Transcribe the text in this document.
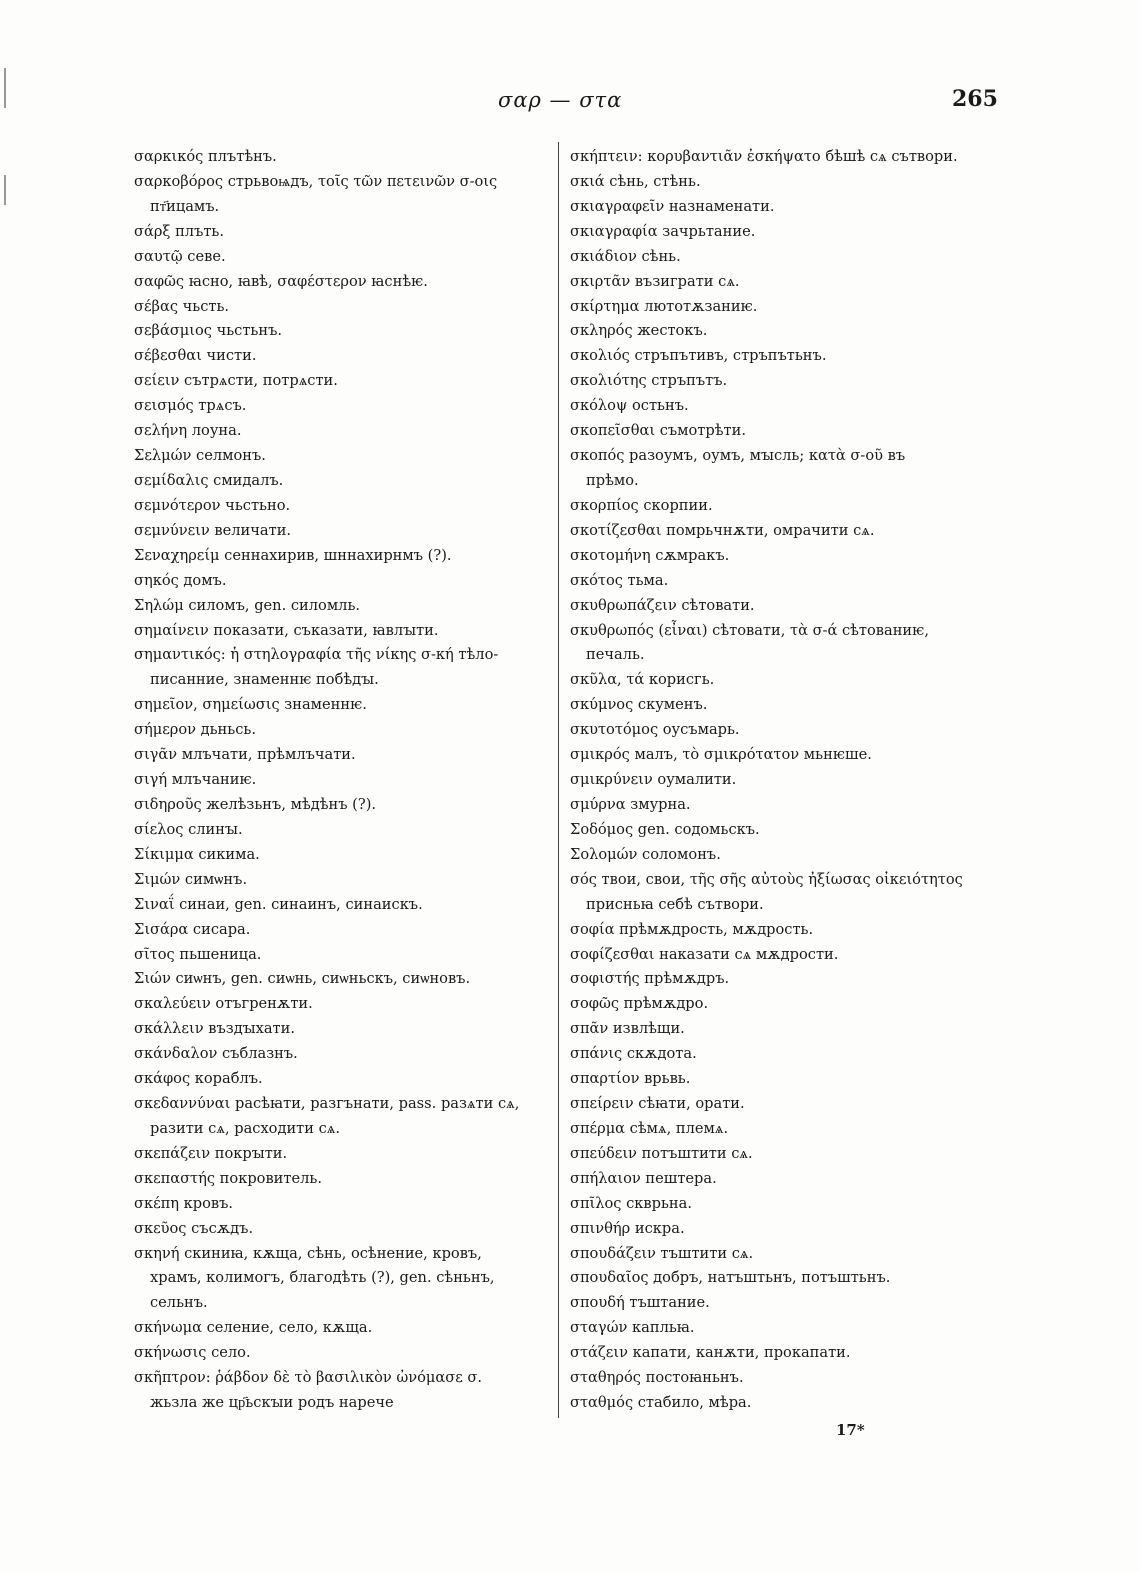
σαρ — στα	265
σαρκικός плътѣнъ.
σαρκοβόρος стрьвоѩдъ, τοῖς τῶν πετεινῶν σ-οις
пт҃ицамъ.
σάρξ плъть.
σαυτῷ севе.
σαφῶς ꙗсно, ꙗвѣ, σαφέστερον ꙗснѣѥ.
σέβας чьсть.
σεβάσμιος чьстьнъ.
σέβεσθαι чисти.
σείειν сътрѧсти, потрѧсти.
σεισμός трѧсъ.
σελήνη лоуна.
Σελμών селмонъ.
σεμίδαλις смидалъ.
σεμνότερον чьстьно.
σεμνύνειν величати.
Σεναχηρείμ сеннахирив, шннахирнмъ (?).
σηκός домъ.
Σηλώμ силомъ, gen. силомль.
σημαίνειν показати, съказати, ꙗвлꙑти.
σημαντικός: ἡ στηλογραφία τῆς νίκης σ-κή тѣло-
писанние, знаменнѥ побѣдꙑ.
σημεῖον, σημείωσις знаменнѥ.
σήμερον дьньсь.
σιγᾶν млъчати, прѣмлъчати.
σιγή млъчаниѥ.
σιδηροῦς желѣзьнъ, мѣдѣнъ (?).
σίελος слинꙑ.
Σίκιμμα сикима.
Σιμών симѡнъ.
Σιναΐ синаи, gen. синаинъ, синаискъ.
Σισάρα сисара.
σῖτος пьшеница.
Σιών сиѡнъ, gen. сиѡнь, сиѡньскъ, сиѡновъ.
σκαλεύειν отъгренѫти.
σκάλλειν въздꙑхати.
σκάνδαλον съблазнъ.
σκάφος кораблъ.
σκεδαννύναι расѣꙗти, разгънати, pass. разѧти сѧ,
разити сѧ, расходити сѧ.
σκεπάζειν покрꙑти.
σκεπαστής покровитель.
σκέπη кровъ.
σκεῦος съсѫдъ.
σκηνή скиниꙗ, кѫща, сѣнь, осѣнение, кровъ,
храмъ, колимогъ, благодѣть (?), gen. сѣньнъ,
сельнъ.
σκήνωμα селение, село, кѫща.
σκήνωσις село.
σκῆπτρον: ῥάβδον δὲ τὸ βασιλικὸν ὠνόμασε σ.
жьзла же цр҃ьскꙑи родъ нарече
σκήπτειν: κορυβαντιᾶν ἐσκήψατο бѣшѣ сѧ сътвори.
σκιά сѣнь, стѣнь.
σκιαγραφεῖν назнаменати.
σκιαγραφία зачрьтание.
σκιάδιον сѣнь.
σκιρτᾶν възиграти сѧ.
σκίρτημα лютотѫзаниѥ.
σκληρός жестокъ.
σκολιός стръпътивъ, стръпътьнъ.
σκολιότης стръпътъ.
σκόλοψ остьнъ.
σκοπεῖσθαι съмотрѣти.
σκοπός разоумъ, оумъ, мꙑсль; κατὰ σ-οῦ въ
прѣмо.
σκορπίος скорпии.
σκοτίζεσθαι помрьчнѫти, омрачити сѧ.
σκοτομήνη сѫмракъ.
σκότος тьма.
σκυθρωπάζειν сѣтовати.
σκυθρωπός (εἶναι) сѣтовати, τὰ σ-ά сѣтованиѥ,
печаль.
σκῦλα, τά корисгь.
σκύμνος скуменъ.
σκυτοτόμος оусъмарь.
σμικρός малъ, τὸ σμικρότατον мьнѥше.
σμικρύνειν оумалити.
σμύρνα змурна.
Σοδόμος gen. содомьскъ.
Σολομών соломонъ.
σός твои, свои, τῆς σῆς αὐτοὺς ἠξίωσας οἰκειότητος
присньꙗ себѣ сътвори.
σοφία прѣмѫдрость, мѫдрость.
σοφίζεσθαι наказати сѧ мѫдрости.
σοφιστής прѣмѫдръ.
σοφῶς прѣмѫдро.
σπᾶν извлѣщи.
σπάνις скѫдота.
σπαρτίον врьвь.
σπείρειν сѣꙗти, орати.
σπέρμα сѣмѧ, племѧ.
σπεύδειν потъштити сѧ.
σπήλαιον пештера.
σπῖλος скврьна.
σπινθήρ искра.
σπουδάζειν тъштити сѧ.
σπουδαῖος добръ, натъштьнъ, потъштьнъ.
σπουδή тъштание.
σταγών капльꙗ.
στάζειν капати, канѫти, прокапати.
σταθηρός постоꙗньнъ.
σταθμός стабило, мѣра.
17*
